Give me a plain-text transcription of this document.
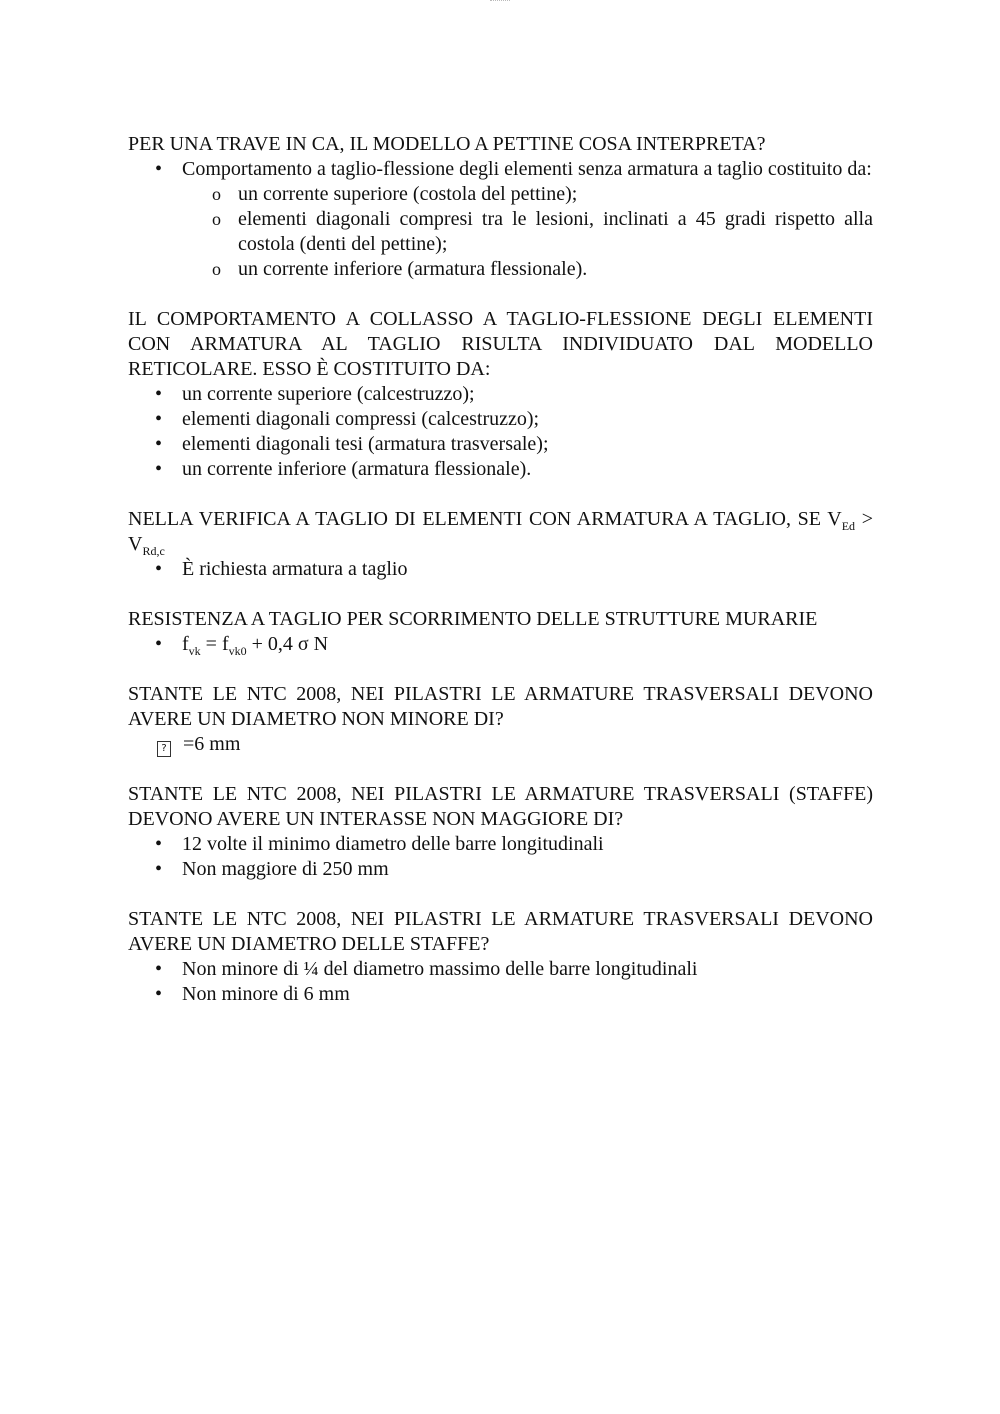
PER UNA TRAVE IN CA, IL MODELLO A PETTINE COSA INTERPRETA?

• Comportamento a taglio-flessione degli elementi senza armatura a taglio costituito da:
o un corrente superiore (costola del pettine);
o elementi diagonali compresi tra le lesioni, inclinati a 45 gradi rispetto alla costola (denti del pettine);
o un corrente inferiore (armatura flessionale).

IL COMPORTAMENTO A COLLASSO A TAGLIO-FLESSIONE DEGLI ELEMENTI CON ARMATURA AL TAGLIO RISULTA INDIVIDUATO DAL MODELLO RETICOLARE. ESSO È COSTITUITO DA:

• un corrente superiore (calcestruzzo);
• elementi diagonali compressi (calcestruzzo);
• elementi diagonali tesi (armatura trasversale);
• un corrente inferiore (armatura flessionale).

NELLA VERIFICA A TAGLIO DI ELEMENTI CON ARMATURA A TAGLIO, SE $V_{Ed} > V_{Rd,c}$

• È richiesta armatura a taglio

RESISTENZA A TAGLIO PER SCORRIMENTO DELLE STRUTTURE MURARIE

• $f_{vk} = f_{vk0} + 0,4$ σ N

STANTE LE NTC 2008, NEI PILASTRI LE ARMATURE TRASVERSALI DEVONO AVERE UN DIAMETRO NON MINORE DI?

? =6 mm

STANTE LE NTC 2008, NEI PILASTRI LE ARMATURE TRASVERSALI (STAFFE) DEVONO AVERE UN INTERASSE NON MAGGIORE DI?

• 12 volte il minimo diametro delle barre longitudinali
• Non maggiore di 250 mm

STANTE LE NTC 2008, NEI PILASTRI LE ARMATURE TRASVERSALI DEVONO AVERE UN DIAMETRO DELLE STAFFE?

• Non minore di ¼ del diametro massimo delle barre longitudinali
• Non minore di 6 mm
